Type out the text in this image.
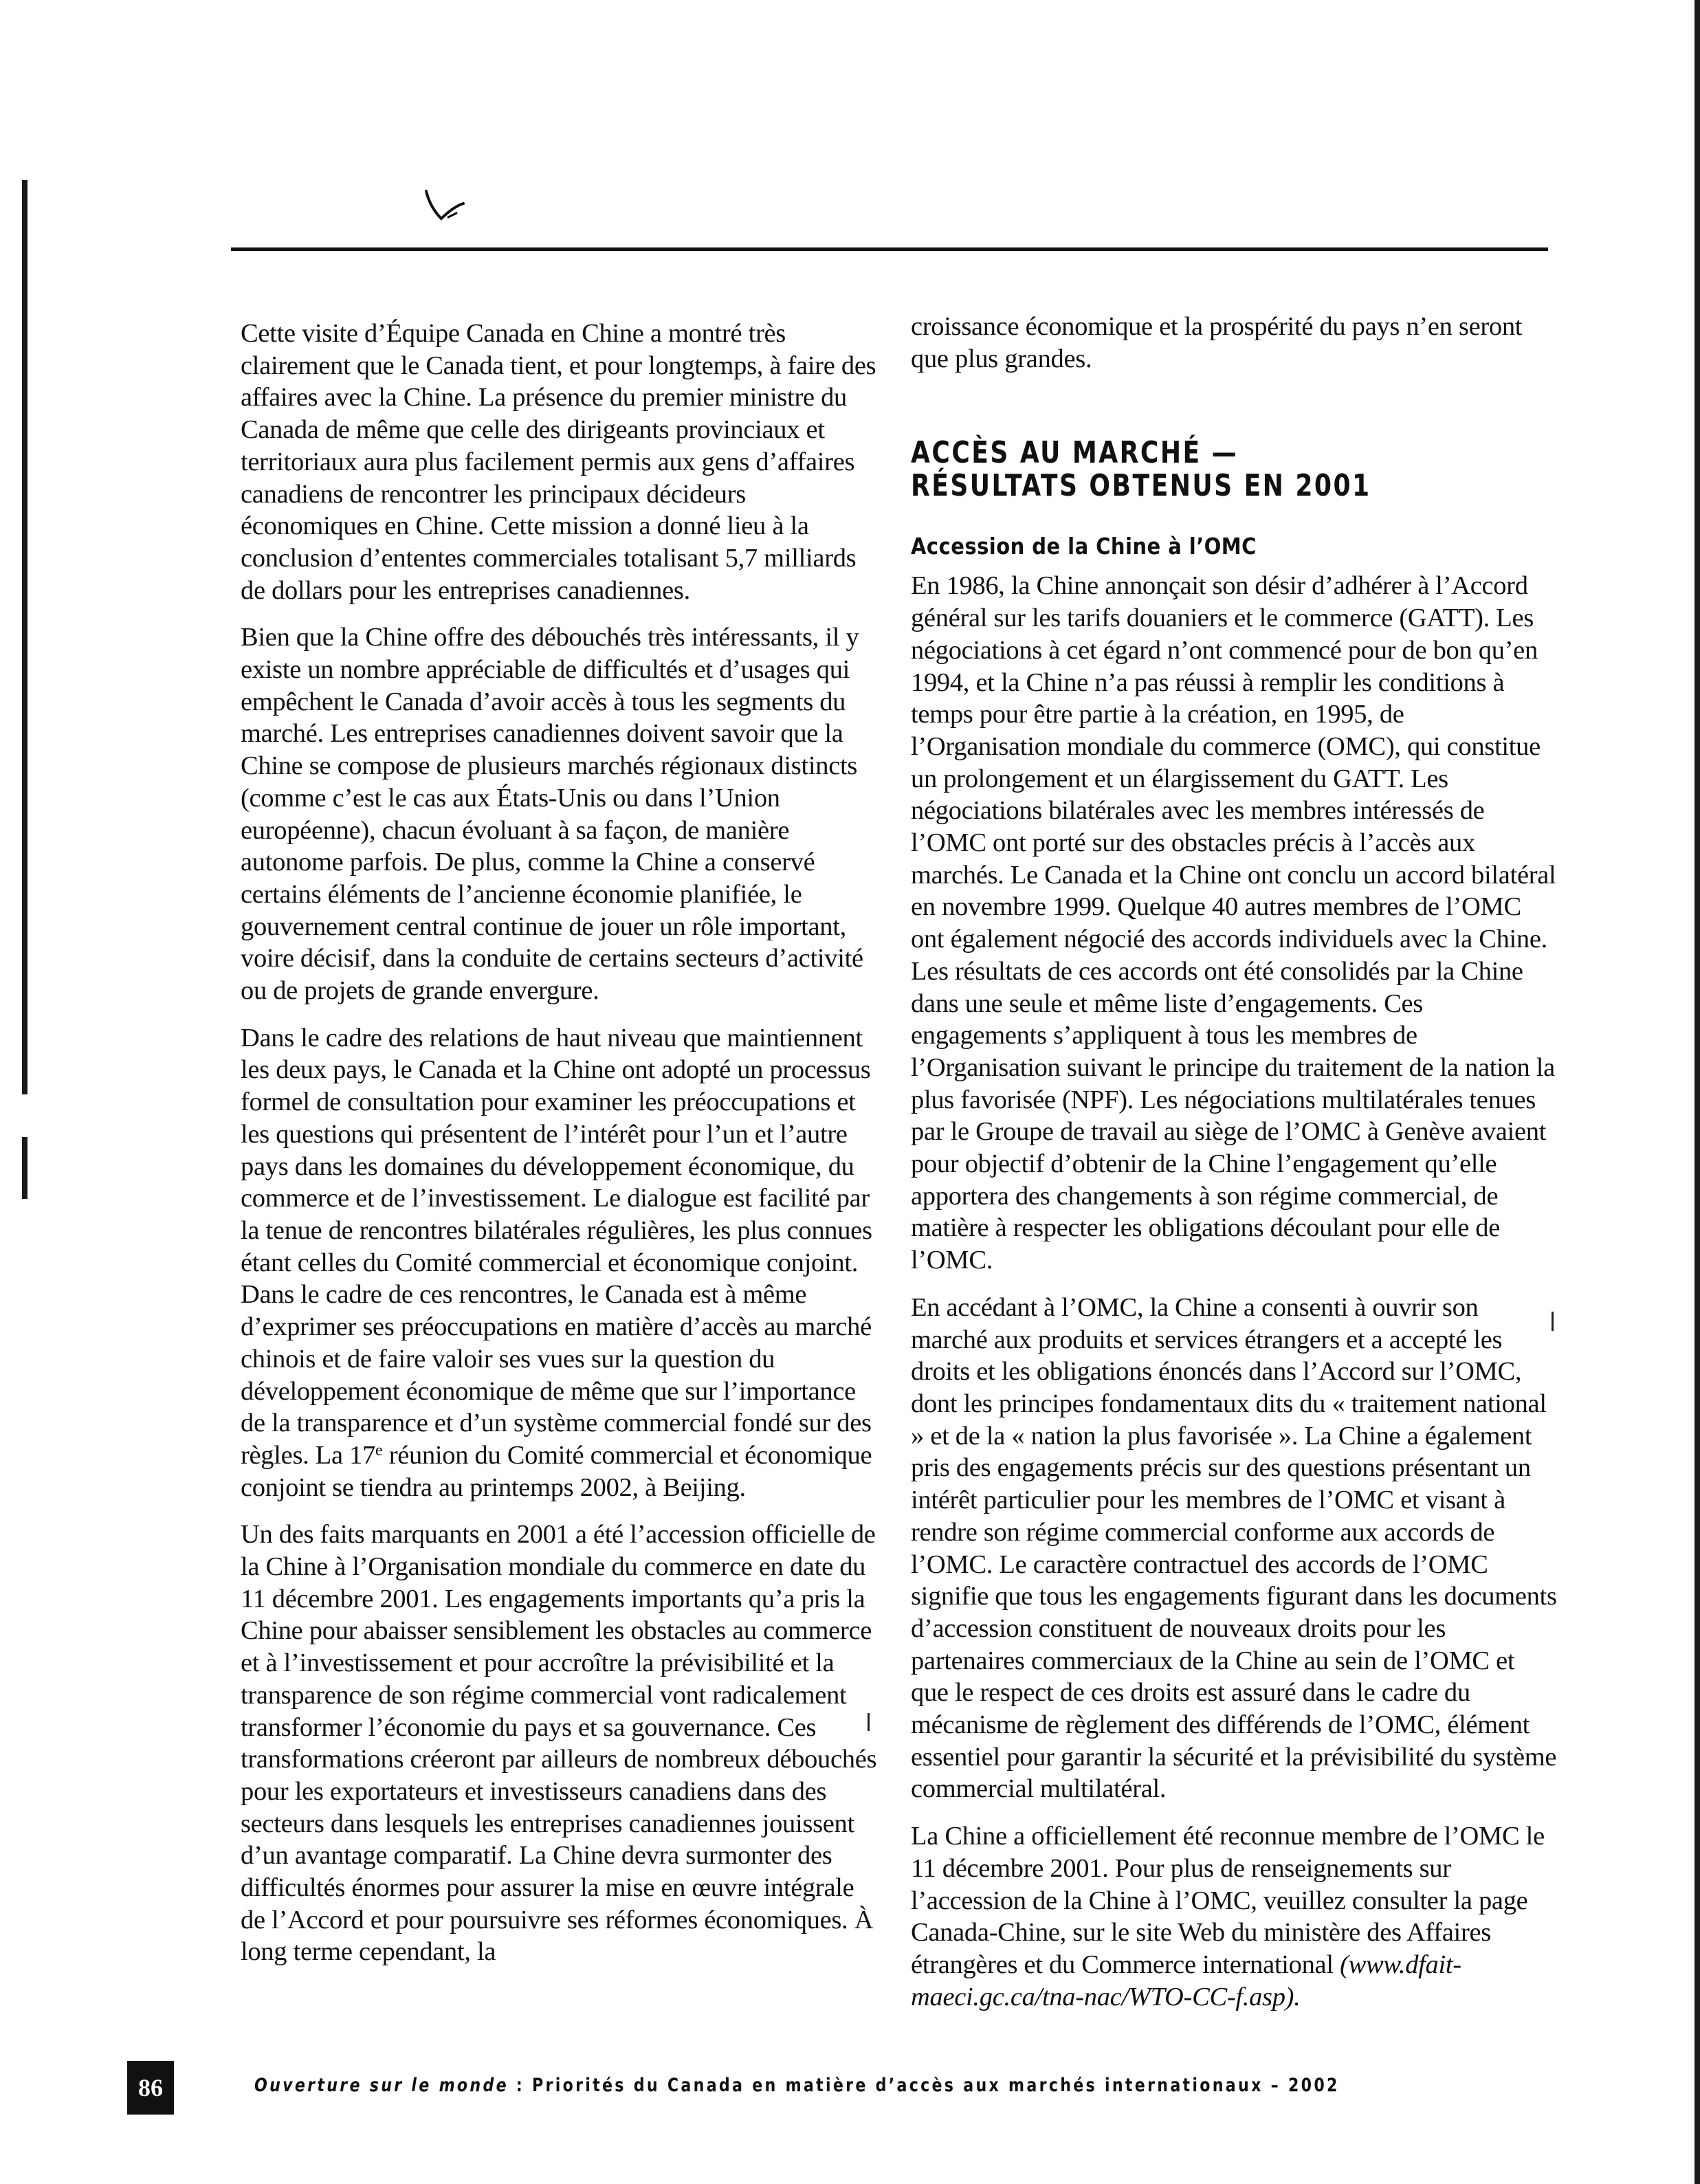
Cette visite d’Équipe Canada en Chine a montré très clairement que le Canada tient, et pour longtemps, à faire des affaires avec la Chine. La présence du premier ministre du Canada de même que celle des dirigeants provinciaux et territoriaux aura plus facilement permis aux gens d’affaires canadiens de rencontrer les principaux décideurs économiques en Chine. Cette mission a donné lieu à la conclusion d’ententes commerciales totalisant 5,7 milliards de dollars pour les entreprises canadiennes.

Bien que la Chine offre des débouchés très intéressants, il y existe un nombre appréciable de difficultés et d’usages qui empêchent le Canada d’avoir accès à tous les segments du marché. Les entreprises canadiennes doivent savoir que la Chine se compose de plusieurs marchés régionaux distincts (comme c’est le cas aux États-Unis ou dans l’Union européenne), chacun évoluant à sa façon, de manière autonome parfois. De plus, comme la Chine a conservé certains éléments de l’ancienne économie planifiée, le gouvernement central continue de jouer un rôle important, voire décisif, dans la conduite de certains secteurs d’activité ou de projets de grande envergure.

Dans le cadre des relations de haut niveau que maintiennent les deux pays, le Canada et la Chine ont adopté un processus formel de consultation pour examiner les préoccupations et les questions qui présentent de l’intérêt pour l’un et l’autre pays dans les domaines du développement économique, du commerce et de l’investissement. Le dialogue est facilité par la tenue de rencontres bilatérales régulières, les plus connues étant celles du Comité commercial et économique conjoint. Dans le cadre de ces rencontres, le Canada est à même d’exprimer ses préoccupations en matière d’accès au marché chinois et de faire valoir ses vues sur la question du développement économique de même que sur l’importance de la transparence et d’un système commercial fondé sur des règles. La 17e réunion du Comité commercial et économique conjoint se tiendra au printemps 2002, à Beijing.

Un des faits marquants en 2001 a été l’accession officielle de la Chine à l’Organisation mondiale du commerce en date du 11 décembre 2001. Les engagements importants qu’a pris la Chine pour abaisser sensiblement les obstacles au commerce et à l’investissement et pour accroître la prévisibilité et la transparence de son régime commercial vont radicalement transformer l’économie du pays et sa gouvernance. Ces transformations créeront par ailleurs de nombreux débouchés pour les exportateurs et investisseurs canadiens dans des secteurs dans lesquels les entreprises canadiennes jouissent d’un avantage comparatif. La Chine devra surmonter des difficultés énormes pour assurer la mise en œuvre intégrale de l’Accord et pour poursuivre ses réformes économiques. À long terme cependant, la

croissance économique et la prospérité du pays n’en seront que plus grandes.

ACCÈS AU MARCHÉ —
RÉSULTATS OBTENUS EN 2001
Accession de la Chine à l’OMC

En 1986, la Chine annonçait son désir d’adhérer à l’Accord général sur les tarifs douaniers et le commerce (GATT). Les négociations à cet égard n’ont commencé pour de bon qu’en 1994, et la Chine n’a pas réussi à remplir les conditions à temps pour être partie à la création, en 1995, de l’Organisation mondiale du commerce (OMC), qui constitue un prolongement et un élargissement du GATT. Les négociations bilatérales avec les membres intéressés de l’OMC ont porté sur des obstacles précis à l’accès aux marchés. Le Canada et la Chine ont conclu un accord bilatéral en novembre 1999. Quelque 40 autres membres de l’OMC ont également négocié des accords individuels avec la Chine. Les résultats de ces accords ont été consolidés par la Chine dans une seule et même liste d’engagements. Ces engagements s’appliquent à tous les membres de l’Organisation suivant le principe du traitement de la nation la plus favorisée (NPF). Les négociations multilatérales tenues par le Groupe de travail au siège de l’OMC à Genève avaient pour objectif d’obtenir de la Chine l’engagement qu’elle apportera des changements à son régime commercial, de matière à respecter les obligations découlant pour elle de l’OMC.

En accédant à l’OMC, la Chine a consenti à ouvrir son marché aux produits et services étrangers et a accepté les droits et les obligations énoncés dans l’Accord sur l’OMC, dont les principes fondamentaux dits du « traitement national » et de la « nation la plus favorisée ». La Chine a également pris des engagements précis sur des questions présentant un intérêt particulier pour les membres de l’OMC et visant à rendre son régime commercial conforme aux accords de l’OMC. Le caractère contractuel des accords de l’OMC signifie que tous les engagements figurant dans les documents d’accession constituent de nouveaux droits pour les partenaires commerciaux de la Chine au sein de l’OMC et que le respect de ces droits est assuré dans le cadre du mécanisme de règlement des différends de l’OMC, élément essentiel pour garantir la sécurité et la prévisibilité du système commercial multilatéral.

La Chine a officiellement été reconnue membre de l’OMC le 11 décembre 2001. Pour plus de renseignements sur l’accession de la Chine à l’OMC, veuillez consulter la page Canada-Chine, sur le site Web du ministère des Affaires étrangères et du Commerce international (www.dfait-maeci.gc.ca/tna-nac/WTO-CC-f.asp).

86	Ouverture sur le monde : Priorités du Canada en matière d’accès aux marchés internationaux – 2002
